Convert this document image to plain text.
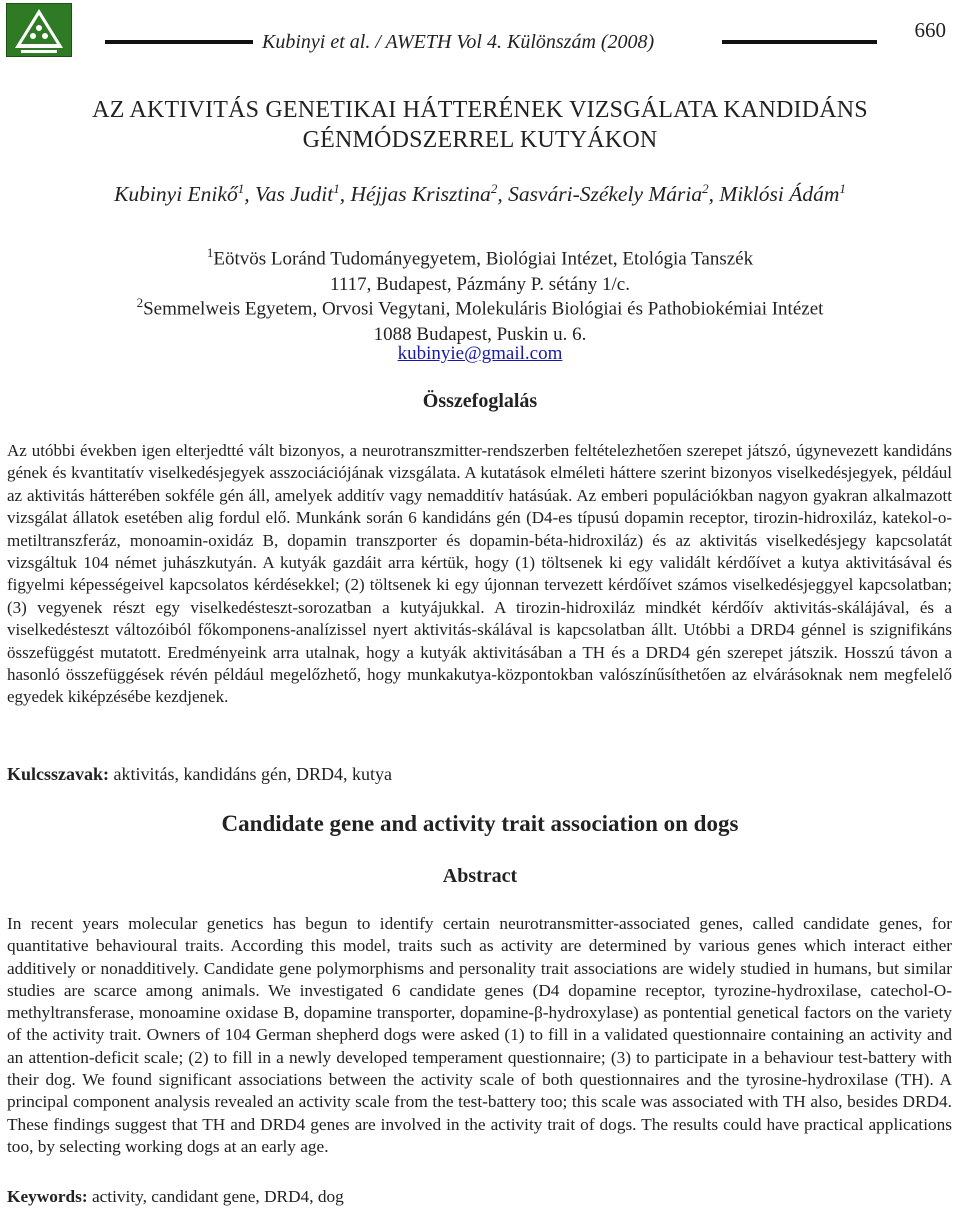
Kubinyi et al. / AWETH Vol 4. Különszám (2008)	660
AZ AKTIVITÁS GENETIKAI HÁTTERÉNEK VIZSGÁLATA KANDIDÁNS
GÉNMÓDSZERREL KUTYÁKON
Kubinyi Enikő$^1$, Vas Judit$^1$, Héjjas Krisztina$^2$, Sasvári-Székely Mária$^2$, Miklósi Ádám$^1$
$^1$Eötvös Loránd Tudományegyetem, Biológiai Intézet, Etológia Tanszék
1117, Budapest, Pázmány P. sétány 1/c.
$^2$Semmelweis Egyetem, Orvosi Vegytani, Molekuláris Biológiai és Pathobiokémiai Intézet
1088 Budapest, Puskin u. 6.
kubinyie@gmail.com
Összefoglalás
Az utóbbi években igen elterjedtté vált bizonyos, a neurotranszmitter-rendszerben feltételezhetően szerepet játszó, úgynevezett kandidáns gének és kvantitatív viselkedésjegyek asszociációjának vizsgálata. A kutatások elméleti háttere szerint bizonyos viselkedésjegyek, például az aktivitás hátterében sokféle gén áll, amelyek additív vagy nemadditív hatásúak. Az emberi populációkban nagyon gyakran alkalmazott vizsgálat állatok esetében alig fordul elő. Munkánk során 6 kandidáns gén (D4-es típusú dopamin receptor, tirozin-hidroxiláz, katekol-o-metiltranszferáz, monoamin-oxidáz B, dopamin transzporter és dopamin-béta-hidroxiláz) és az aktivitás viselkedésjegy kapcsolatát vizsgáltuk 104 német juhászkutyán. A kutyák gazdáit arra kértük, hogy (1) töltsenek ki egy validált kérdőívet a kutya aktivitásával és figyelmi képességeivel kapcsolatos kérdésekkel; (2) töltsenek ki egy újonnan tervezett kérdőívet számos viselkedésjeggyel kapcsolatban; (3) vegyenek részt egy viselkedésteszt-sorozatban a kutyájukkal. A tirozin-hidroxiláz mindkét kérdőív aktivitás-skálájával, és a viselkedésteszt változóiból főkomponens-analízissel nyert aktivitás-skálával is kapcsolatban állt. Utóbbi a DRD4 génnel is szignifikáns összefüggést mutatott. Eredményeink arra utalnak, hogy a kutyák aktivitásában a TH és a DRD4 gén szerepet játszik. Hosszú távon a hasonló összefüggések révén például megelőzhető, hogy munkakutya-központokban valószínűsíthetően az elvárásoknak nem megfelelő egyedek kiképzésébe kezdjenek.
Kulcsszavak: aktivitás, kandidáns gén, DRD4, kutya
Candidate gene and activity trait association on dogs
Abstract
In recent years molecular genetics has begun to identify certain neurotransmitter-associated genes, called candidate genes, for quantitative behavioural traits. According this model, traits such as activity are determined by various genes which interact either additively or nonadditively. Candidate gene polymorphisms and personality trait associations are widely studied in humans, but similar studies are scarce among animals. We investigated 6 candidate genes (D4 dopamine receptor, tyrozine-hydroxilase, catechol-O-methyltransferase, monoamine oxidase B, dopamine transporter, dopamine-β-hydroxylase) as pontential genetical factors on the variety of the activity trait. Owners of 104 German shepherd dogs were asked (1) to fill in a validated questionnaire containing an activity and an attention-deficit scale; (2) to fill in a newly developed temperament questionnaire; (3) to participate in a behaviour test-battery with their dog. We found significant associations between the activity scale of both questionnaires and the tyrosine-hydroxilase (TH). A principal component analysis revealed an activity scale from the test-battery too; this scale was associated with TH also, besides DRD4. These findings suggest that TH and DRD4 genes are involved in the activity trait of dogs. The results could have practical applications too, by selecting working dogs at an early age.
Keywords: activity, candidant gene, DRD4, dog
